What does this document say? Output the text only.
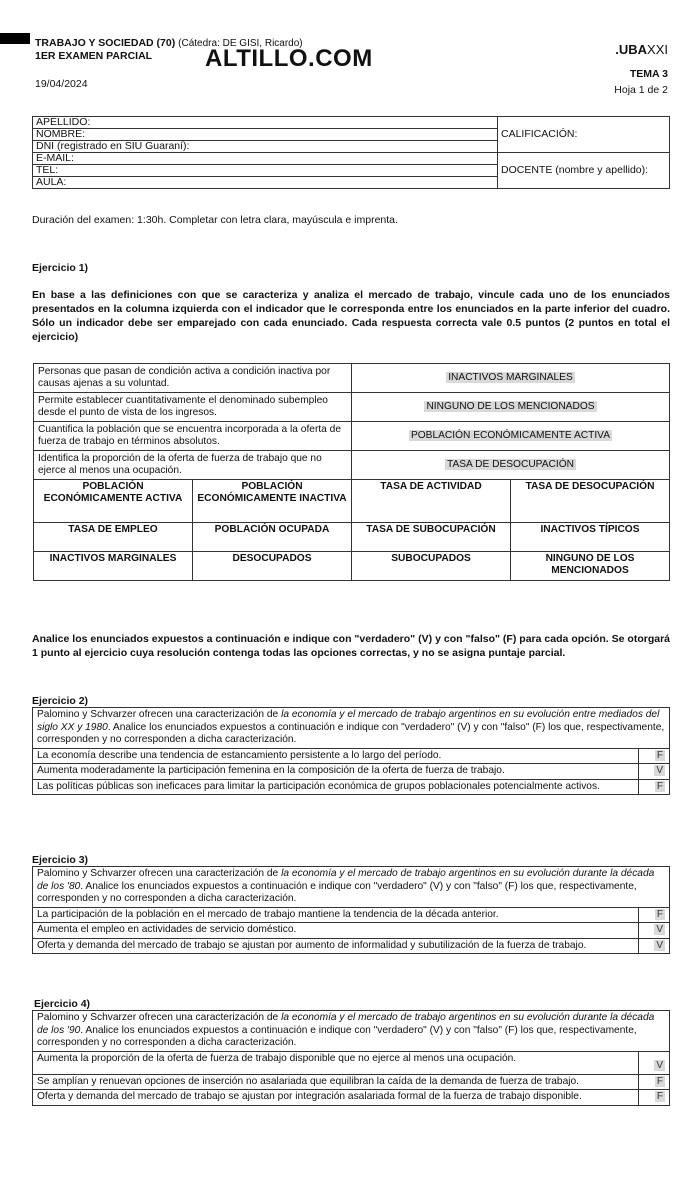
TRABAJO Y SOCIEDAD (70) (Cátedra: DE GISI, Ricardo)
1ER EXAMEN PARCIAL	ALTILLO.COM
19/04/2024
.UBAXXI
TEMA 3
Hoja 1 de 2
APELLIDO:	CALIFICACIÓN:
NOMBRE:	
DNI (registrado en SIU Guaraní):	
E-MAIL:	DOCENTE (nombre y apellido):
TEL:	
AULA:	
Duración del examen: 1:30h. Completar con letra clara, mayúscula e imprenta.
Ejercicio 1)
En base a las definiciones con que se caracteriza y analiza el mercado de trabajo, vincule cada uno de los enunciados presentados en la columna izquierda con el indicador que le corresponda entre los enunciados en la parte inferior del cuadro. Sólo un indicador debe ser emparejado con cada enunciado. Cada respuesta correcta vale 0.5 puntos (2 puntos en total el ejercicio)
Personas que pasan de condición activa a condición inactiva por causas ajenas a su voluntad.		INACTIVOS MARGINALES	
Permite establecer cuantitativamente el denominado subempleo desde el punto de vista de los ingresos.		NINGUNO DE LOS MENCIONADOS	
Cuantifica la población que se encuentra incorporada a la oferta de fuerza de trabajo en términos absolutos.		POBLACIÓN ECONÓMICAMENTE ACTIVA	
Identifica la proporción de la oferta de fuerza de trabajo que no ejerce al menos una ocupación.		TASA DE DESOCUPACIÓN	
POBLACIÓN ECONÓMICAMENTE ACTIVA	POBLACIÓN ECONÓMICAMENTE INACTIVA	TASA DE ACTIVIDAD	TASA DE DESOCUPACIÓN
TASA DE EMPLEO	POBLACIÓN OCUPADA	TASA DE SUBOCUPACIÓN	INACTIVOS TÍPICOS
INACTIVOS MARGINALES	DESOCUPADOS	SUBOCUPADOS	NINGUNO DE LOS MENCIONADOS
Analice los enunciados expuestos a continuación e indique con "verdadero" (V) y con "falso" (F) para cada opción. Se otorgará 1 punto al ejercicio cuya resolución contenga todas las opciones correctas, y no se asigna puntaje parcial.
Ejercicio 2)
Palomino y Schvarzer ofrecen una caracterización de la economía y el mercado de trabajo argentinos en su evolución entre mediados del siglo XX y 1980. Analice los enunciados expuestos a continuación e indique con "verdadero" (V) y con "falso" (F) los que, respectivamente, corresponden y no corresponden a dicha caracterización.	
La economía describe una tendencia de estancamiento persistente a lo largo del período.	F
Aumenta moderadamente la participación femenina en la composición de la oferta de fuerza de trabajo.	V
Las políticas públicas son ineficaces para limitar la participación económica de grupos poblacionales potencialmente activos.	F
Ejercicio 3)
Palomino y Schvarzer ofrecen una caracterización de la economía y el mercado de trabajo argentinos en su evolución durante la década de los '80. Analice los enunciados expuestos a continuación e indique con "verdadero" (V) y con "falso" (F) los que, respectivamente, corresponden y no corresponden a dicha caracterización.	
La participación de la población en el mercado de trabajo mantiene la tendencia de la década anterior.	F
Aumenta el empleo en actividades de servicio doméstico.	V
Oferta y demanda del mercado de trabajo se ajustan por aumento de informalidad y subutilización de la fuerza de trabajo.	V
Ejercicio 4)
Palomino y Schvarzer ofrecen una caracterización de la economía y el mercado de trabajo argentinos en su evolución durante la década de los '90. Analice los enunciados expuestos a continuación e indique con "verdadero" (V) y con "falso" (F) los que, respectivamente, corresponden y no corresponden a dicha caracterización.	
Aumenta la proporción de la oferta de fuerza de trabajo disponible que no ejerce al menos una ocupación.	V
Se amplían y renuevan opciones de inserción no asalariada que equilibran la caída de la demanda de fuerza de trabajo.	F
Oferta y demanda del mercado de trabajo se ajustan por integración asalariada formal de la fuerza de trabajo disponible.	F
